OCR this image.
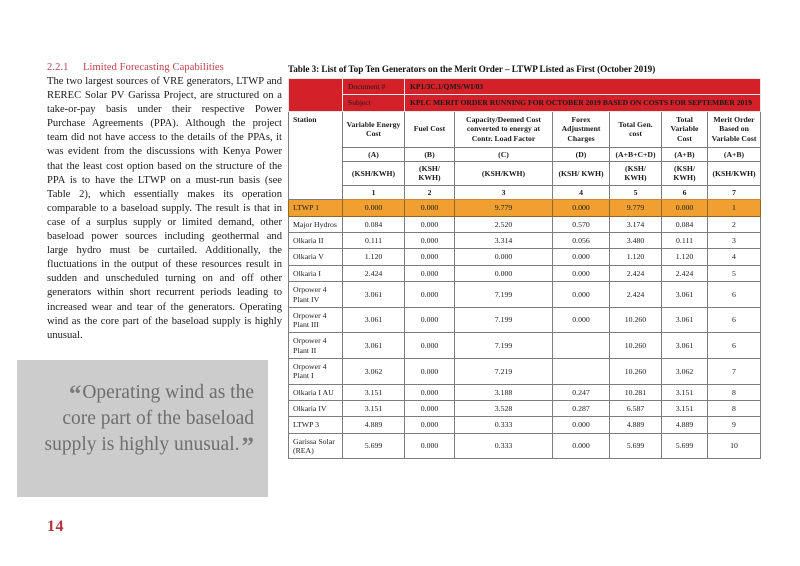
2.2.1 Limited Forecasting Capabilities

The two largest sources of VRE generators, LTWP and REREC Solar PV Garissa Project, are structured on a take-or-pay basis under their respective Power Purchase Agreements (PPA). Although the project team did not have access to the details of the PPAs, it was evident from the discussions with Kenya Power that the least cost option based on the structure of the PPA is to have the LTWP on a must-run basis (see Table 2), which essentially makes its operation comparable to a baseload supply. The result is that in case of a surplus supply or limited demand, other baseload power sources including geothermal and large hydro must be curtailed. Additionally, the fluctuations in the output of these resources result in sudden and unscheduled turning on and off other generators within short recurrent periods leading to increased wear and tear of the generators. Operating wind as the core part of the baseload supply is highly unusual.

“Operating wind as the core part of the baseload supply is highly unusual.”
14
Table 3: List of Top Ten Generators on the Merit Order – LTWP Listed as First (October 2019)
	Document #	KP1/3C.1/QMS/WI/03					
	Subject	KPLC MERIT ORDER RUNNING FOR OCTOBER 2019 BASED ON COSTS FOR SEPTEMBER 2019					
Station	Variable Energy Cost	Fuel Cost	Capacity/Deemed Cost converted to energy at Contr. Load Factor	Forex Adjustment Charges	Total Gen. cost	Total Variable Cost	Merit Order Based on Variable Cost
	(A)	(B)	(C)	(D)	(A+B+C+D)	(A+B)	(A+B)
	(KSH/KWH)	(KSH/ KWH)	(KSH/KWH)	(KSH/ KWH)	(KSH/ KWH)	(KSH/ KWH)	(KSH/KWH)
	1	2	3	4	5	6	7
LTWP 1	0.000	0.000	9.779	0.000	9.779	0.000	1
Major Hydros	0.084	0.000	2.520	0.570	3.174	0.084	2
Olkaria II	0.111	0.000	3.314	0.056	3.480	0.111	3
Olkaria V	1.120	0.000	0.000	0.000	1.120	1.120	4
Olkaria I	2.424	0.000	0.000	0.000	2.424	2.424	5
Orpower 4 Plant IV	3.061	0.000	7.199	0.000	2.424	3.061	6
Orpower 4 Plant III	3.061	0.000	7.199	0.000	10.260	3.061	6
Orpower 4 Plant II	3.061	0.000	7.199		10.260	3.061	6
Orpower 4 Plant I	3.062	0.000	7.219		10.260	3.062	7
Olkaria I AU	3.151	0.000	3.188	0.247	10.281	3.151	8
Olkaria IV	3.151	0.000	3.528	0.287	6.587	3.151	8
LTWP 3	4.889	0.000	0.333	0.000	4.889	4.889	9
Garissa Solar (REA)	5.699	0.000	0.333	0.000	5.699	5.699	10
